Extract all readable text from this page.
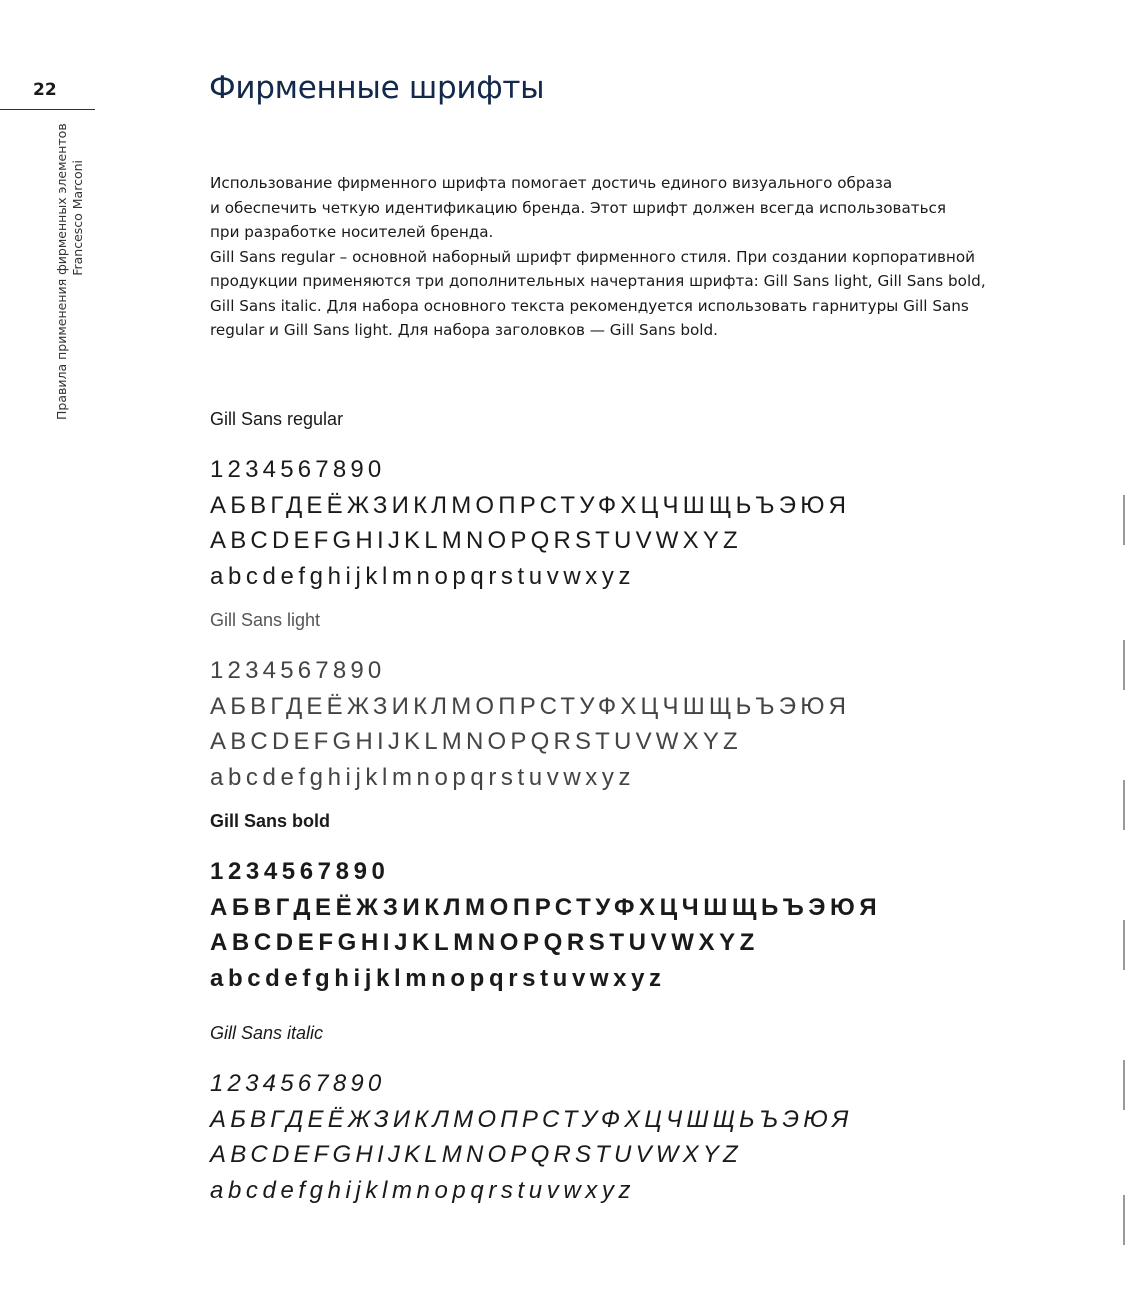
22
Правила применения фирменных элементов Francesco Marconi
Фирменные шрифты

Использование фирменного шрифта помогает достичь единого визуального образа

и обеспечить четкую идентификацию бренда. Этот шрифт должен всегда использоваться

при разработке носителей бренда.

Gill Sans regular – основной наборный шрифт фирменного стиля. При создании корпоративной

продукции применяются три дополнительных начертания шрифта: Gill Sans light, Gill Sans bold,

Gill Sans italic. Для набора основного текста рекомендуется использовать гарнитуры Gill Sans

regular и Gill Sans light. Для набора заголовков — Gill Sans bold.

Gill Sans regular
1234567890
АБВГДЕЁЖЗИКЛМОПРСТУФХЦЧШЩЬЪЭЮЯ
ABCDEFGHIJKLMNOPQRSTUVWXYZ
abcdefghijklmnopqrstuvwxyz
Gill Sans light
1234567890
АБВГДЕЁЖЗИКЛМОПРСТУФХЦЧШЩЬЪЭЮЯ
ABCDEFGHIJKLMNOPQRSTUVWXYZ
abcdefghijklmnopqrstuvwxyz
Gill Sans bold
1234567890
АБВГДЕЁЖЗИКЛМОПРСТУФХЦЧШЩЬЪЭЮЯ
ABCDEFGHIJKLMNOPQRSTUVWXYZ
abcdefghijklmnopqrstuvwxyz
Gill Sans italic
1234567890
АБВГДЕЁЖЗИКЛМОПРСТУФХЦЧШЩЬЪЭЮЯ
ABCDEFGHIJKLMNOPQRSTUVWXYZ
abcdefghijklmnopqrstuvwxyz
